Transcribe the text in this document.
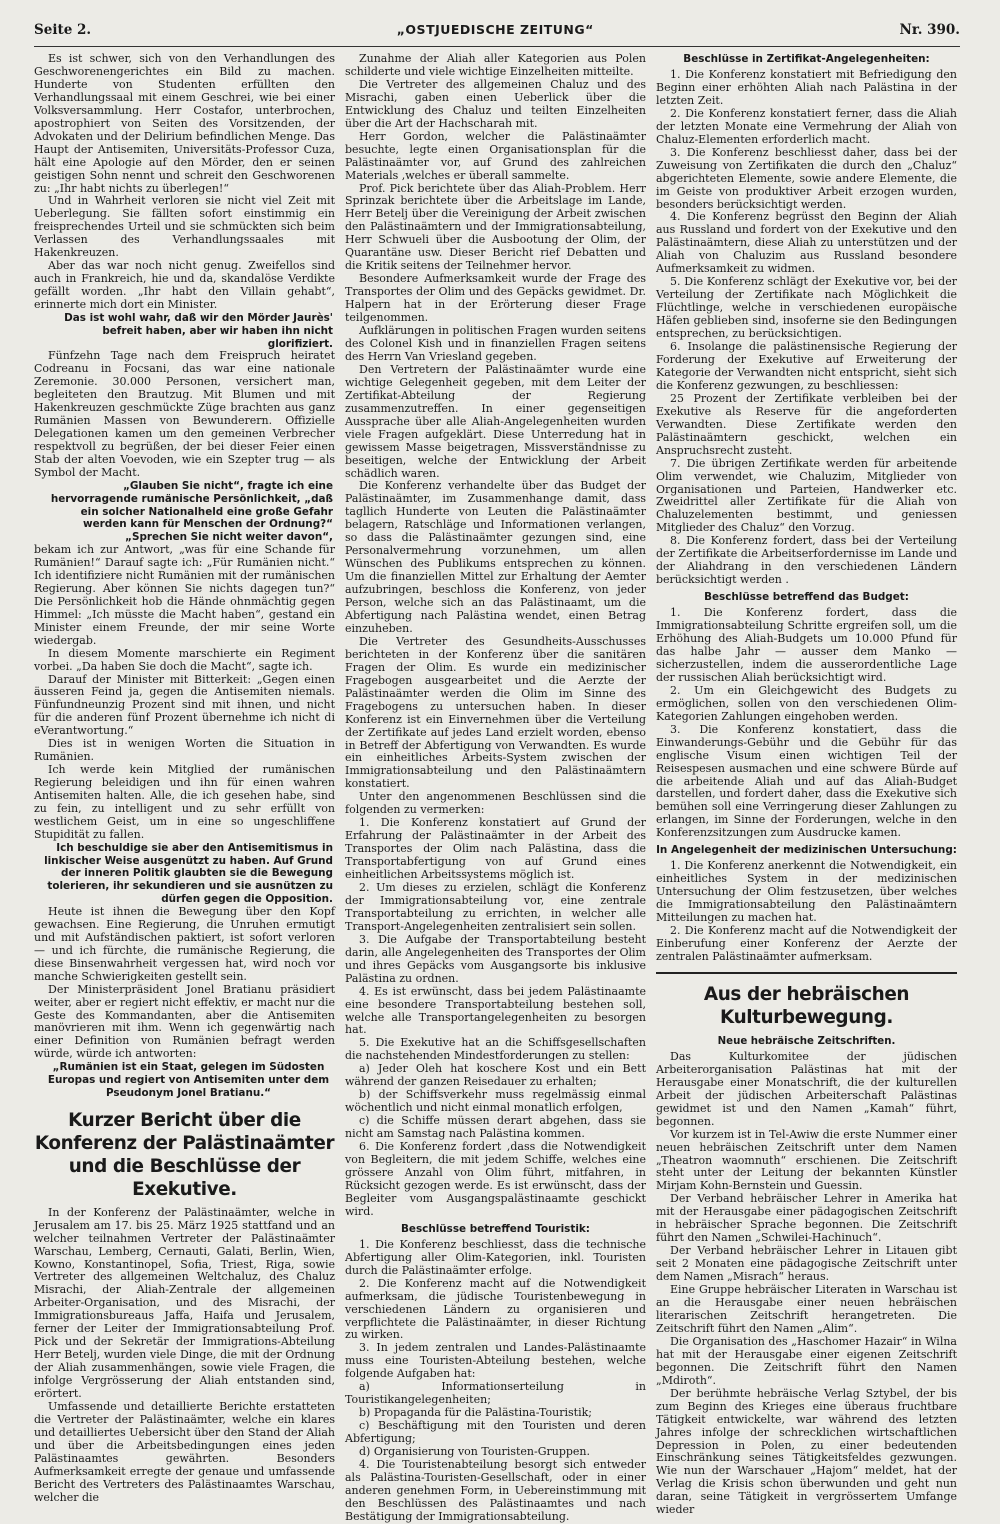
Seite 2.	„OSTJUEDISCHE ZEITUNG“	Nr. 390.

Es ist schwer, sich von den Verhandlungen des Geschworenengerichtes ein Bild zu machen. Hunderte von Studenten erfüllten den Verhandlungssaal mit einem Geschrei, wie bei einer Volksversammlung. Herr Costafor, unterbrochen, apostrophiert von Seiten des Vorsitzenden, der Advokaten und der Delirium befindlichen Menge. Das Haupt der Antisemiten, Universitäts-Professor Cuza, hält eine Apologie auf den Mörder, den er seinen geistigen Sohn nennt und schreit den Geschworenen zu: „Ihr habt nichts zu überlegen!“

Und in Wahrheit verloren sie nicht viel Zeit mit Ueberlegung. Sie fällten sofort einstimmig ein freisprechendes Urteil und sie schmückten sich beim Verlassen des Verhandlungssaales mit Hakenkreuzen.

Aber das war noch nicht genug. Zweifellos sind auch in Frankreich, hie und da, skandalöse Verdikte gefällt worden. „Ihr habt den Villain gehabt“, erinnerte mich dort ein Minister.

Das ist wohl wahr, daß wir den Mörder Jaurès' befreit haben, aber wir haben ihn nicht glorifiziert.

Fünfzehn Tage nach dem Freispruch heiratet Codreanu in Focsani, das war eine nationale Zeremonie. 30.000 Personen, versichert man, begleiteten den Brautzug. Mit Blumen und mit Hakenkreuzen geschmückte Züge brachten aus ganz Rumänien Massen von Bewunderern. Offizielle Delegationen kamen um den gemeinen Verbrecher respektvoll zu begrüßen, der bei dieser Feier einen Stab der alten Voevoden, wie ein Szepter trug — als Symbol der Macht.

„Glauben Sie nicht“, fragte ich eine hervorragende rumänische Persönlichkeit, „daß ein solcher Nationalheld eine große Gefahr werden kann für Menschen der Ordnung?“ „Sprechen Sie nicht weiter davon“,

bekam ich zur Antwort, „was für eine Schande für Rumänien!“ Darauf sagte ich: „Für Rumänien nicht.“ Ich identifiziere nicht Rumänien mit der rumänischen Regierung. Aber können Sie nichts dagegen tun?“ Die Persönlichkeit hob die Hände ohnmächtig gegen Himmel: „Ich müsste die Macht haben“, gestand ein Minister einem Freunde, der mir seine Worte wiedergab.

In diesem Momente marschierte ein Regiment vorbei. „Da haben Sie doch die Macht“, sagte ich.

Darauf der Minister mit Bitterkeit: „Gegen einen äusseren Feind ja, gegen die Antisemiten niemals. Fünfundneunzig Prozent sind mit ihnen, und nicht für die anderen fünf Prozent übernehme ich nicht di eVerantwortung.“

Dies ist in wenigen Worten die Situation in Rumänien.

Ich werde kein Mitglied der rumänischen Regierung beleidigen und ihn für einen wahren Antisemiten halten. Alle, die ich gesehen habe, sind zu fein, zu intelligent und zu sehr erfüllt von westlichem Geist, um in eine so ungeschliffene Stupidität zu fallen.

Ich beschuldige sie aber den Antisemitismus in linkischer Weise ausgenützt zu haben. Auf Grund der inneren Politik glaubten sie die Bewegung tolerieren, ihr sekundieren und sie ausnützen zu dürfen gegen die Opposition.

Heute ist ihnen die Bewegung über den Kopf gewachsen. Eine Regierung, die Unruhen ermutigt und mit Aufständischen paktiert, ist sofort verloren — und ich fürchte, die rumänische Regierung, die diese Binsenwahrheit vergessen hat, wird noch vor manche Schwierigkeiten gestellt sein.

Der Ministerpräsident Jonel Bratianu präsidiert weiter, aber er regiert nicht effektiv, er macht nur die Geste des Kommandanten, aber die Antisemiten manövrieren mit ihm. Wenn ich gegenwärtig nach einer Definition von Rumänien befragt werden würde, würde ich antworten:

„Rumänien ist ein Staat, gelegen im Südosten Europas und regiert von Antisemiten unter dem Pseudonym Jonel Bratianu.“

Kurzer Bericht über die Konferenz der Palästinaämter und die Beschlüsse der Exekutive.

In der Konferenz der Palästinaämter, welche in Jerusalem am 17. bis 25. März 1925 stattfand und an welcher teilnahmen Vertreter der Palästinaämter Warschau, Lemberg, Cernauti, Galati, Berlin, Wien, Kowno, Konstantinopel, Sofia, Triest, Riga, sowie Vertreter des allgemeinen Weltchaluz, des Chaluz Misrachi, der Aliah-Zentrale der allgemeinen Arbeiter-Organisation, und des Misrachi, der Immigrationsbureaus Jaffa, Haifa und Jerusalem, ferner der Leiter der Immigrationsabteilung Prof. Pick und der Sekretär der Immigrations-Abteilung Herr Betelj, wurden viele Dinge, die mit der Ordnung der Aliah zusammenhängen, sowie viele Fragen, die infolge Vergrösserung der Aliah entstanden sind, erörtert.

Umfassende und detaillierte Berichte erstatteten die Vertreter der Palästinaämter, welche ein klares und detailliertes Uebersicht über den Stand der Aliah und über die Arbeitsbedingungen eines jeden Palästinaamtes gewährten. Besonders Aufmerksamkeit erregte der genaue und umfassende Bericht des Vertreters des Palästinaamtes Warschau, welcher die

Zunahme der Aliah aller Kategorien aus Polen schilderte und viele wichtige Einzelheiten mitteilte.

Die Vertreter des allgemeinen Chaluz und des Misrachi, gaben einen Ueberlick über die Entwicklung des Chaluz und teilten Einzelheiten über die Art der Hachscharah mit.

Herr Gordon, welcher die Palästinaämter besuchte, legte einen Organisationsplan für die Palästinaämter vor, auf Grund des zahlreichen Materials ,welches er überall sammelte.

Prof. Pick berichtete über das Aliah-Problem. Herr Sprinzak berichtete über die Arbeitslage im Lande, Herr Betelj über die Vereinigung der Arbeit zwischen den Palästinaämtern und der Immigrationsabteilung, Herr Schwueli über die Ausbootung der Olim, der Quarantäne usw. Dieser Bericht rief Debatten und die Kritik seitens der Teilnehmer hervor.

Besondere Aufmerksamkeit wurde der Frage des Transportes der Olim und des Gepäcks gewidmet. Dr. Halpern hat in der Erörterung dieser Frage teilgenommen.

Aufklärungen in politischen Fragen wurden seitens des Colonel Kish und in finanziellen Fragen seitens des Herrn Van Vriesland gegeben.

Den Vertretern der Palästinaämter wurde eine wichtige Gelegenheit gegeben, mit dem Leiter der Zertifikat-Abteilung der Regierung zusammenzutreffen. In einer gegenseitigen Aussprache über alle Aliah-Angelegenheiten wurden viele Fragen aufgeklärt. Diese Unterredung hat in gewissem Masse beigetragen, Missverständnisse zu beseitigen, welche der Entwicklung der Arbeit schädlich waren.

Die Konferenz verhandelte über das Budget der Palästinaämter, im Zusammenhange damit, dass tagllich Hunderte von Leuten die Palästinaämter belagern, Ratschläge und Informationen verlangen, so dass die Palästinaämter gezungen sind, eine Personalvermehrung vorzunehmen, um allen Wünschen des Publikums entsprechen zu können. Um die finanziellen Mittel zur Erhaltung der Aemter aufzubringen, beschloss die Konferenz, von jeder Person, welche sich an das Palästinaamt, um die Abfertigung nach Palästina wendet, einen Betrag einzuheben.

Die Vertreter des Gesundheits-Ausschusses berichteten in der Konferenz über die sanitären Fragen der Olim. Es wurde ein medizinischer Fragebogen ausgearbeitet und die Aerzte der Palästinaämter werden die Olim im Sinne des Fragebogens zu untersuchen haben. In dieser Konferenz ist ein Einvernehmen über die Verteilung der Zertifikate auf jedes Land erzielt worden, ebenso in Betreff der Abfertigung von Verwandten. Es wurde ein einheitliches Arbeits-System zwischen der Immigrationsabteilung und den Palästinaämtern konstatiert.

Unter den angenommenen Beschlüssen sind die folgenden zu vermerken:

1. Die Konferenz konstatiert auf Grund der Erfahrung der Palästinaämter in der Arbeit des Transportes der Olim nach Palästina, dass die Transportabfertigung von auf Grund eines einheitlichen Arbeitssystems möglich ist.

2. Um dieses zu erzielen, schlägt die Konferenz der Immigrationsabteilung vor, eine zentrale Transportabteilung zu errichten, in welcher alle Transport-Angelegenheiten zentralisiert sein sollen.

3. Die Aufgabe der Transportabteilung besteht darin, alle Angelegenheiten des Transportes der Olim und ihres Gepäcks vom Ausgangsorte bis inklusive Palästina zu ordnen.

4. Es ist erwünscht, dass bei jedem Palästinaamte eine besondere Transportabteilung bestehen soll, welche alle Transportangelegenheiten zu besorgen hat.

5. Die Exekutive hat an die Schiffsgesellschaften die nachstehenden Mindestforderungen zu stellen:

a) Jeder Oleh hat koschere Kost und ein Bett während der ganzen Reisedauer zu erhalten;

b) der Schiffsverkehr muss regelmässig einmal wöchentlich und nicht einmal monatlich erfolgen,

c) die Schiffe müssen derart abgehen, dass sie nicht am Samstag nach Palästina kommen.

6. Die Konferenz fordert ,dass die Notwendigkeit von Begleitern, die mit jedem Schiffe, welches eine grössere Anzahl von Olim führt, mitfahren, in Rücksicht gezogen werde. Es ist erwünscht, dass der Begleiter vom Ausgangspalästinaamte geschickt wird.

Beschlüsse betreffend Touristik:

1. Die Konferenz beschliesst, dass die technische Abfertigung aller Olim-Kategorien, inkl. Touristen durch die Palästinaämter erfolge.

2. Die Konferenz macht auf die Notwendigkeit aufmerksam, die jüdische Touristenbewegung in verschiedenen Ländern zu organisieren und verpflichtete die Palästinaämter, in dieser Richtung zu wirken.

3. In jedem zentralen und Landes-Palästinaamte muss eine Touristen-Abteilung bestehen, welche folgende Aufgaben hat:

a) Informationserteilung in Touristikangelegenheiten;

b) Propaganda für die Palästina-Touristik;

c) Beschäftigung mit den Touristen und deren Abfertigung;

d) Organisierung von Touristen-Gruppen.

4. Die Touristenabteilung besorgt sich entweder als Palästina-Touristen-Gesellschaft, oder in einer anderen genehmen Form, in Uebereinstimmung mit den Beschlüssen des Palästinaamtes und nach Bestätigung der Immigrationsabteilung.

Beschlüsse in Zertifikat-Angelegenheiten:

1. Die Konferenz konstatiert mit Befriedigung den Beginn einer erhöhten Aliah nach Palästina in der letzten Zeit.

2. Die Konferenz konstatiert ferner, dass die Aliah der letzten Monate eine Vermehrung der Aliah von Chaluz-Elementen erforderlich macht.

3. Die Konferenz beschliesst daher, dass bei der Zuweisung von Zertifikaten die durch den „Chaluz“ abgerichteten Elemente, sowie andere Elemente, die im Geiste von produktiver Arbeit erzogen wurden, besonders berücksichtigt werden.

4. Die Konferenz begrüsst den Beginn der Aliah aus Russland und fordert von der Exekutive und den Palästinaämtern, diese Aliah zu unterstützen und der Aliah von Chaluzim aus Russland besondere Aufmerksamkeit zu widmen.

5. Die Konferenz schlägt der Exekutive vor, bei der Verteilung der Zertifikate nach Möglichkeit die Flüchtlinge, welche in verschiedenen europäische Häfen geblieben sind, insoferne sie den Bedingungen entsprechen, zu berücksichtigen.

6. Insolange die palästinensische Regierung der Forderung der Exekutive auf Erweiterung der Kategorie der Verwandten nicht entspricht, sieht sich die Konferenz gezwungen, zu beschliessen:

25 Prozent der Zertifikate verbleiben bei der Exekutive als Reserve für die angeforderten Verwandten. Diese Zertifikate werden den Palästinaämtern geschickt, welchen ein Anspruchsrecht zusteht.

7. Die übrigen Zertifikate werden für arbeitende Olim verwendet, wie Chaluzim, Mitglieder von Organisationen und Parteien, Handwerker etc. Zweidrittel aller Zertifikate für die Aliah von Chaluzelementen bestimmt, und geniessen Mitglieder des Chaluz“ den Vorzug.

8. Die Konferenz fordert, dass bei der Verteilung der Zertifikate die Arbeitserfordernisse im Lande und der Aliahdrang in den verschiedenen Ländern berücksichtigt werden .

Beschlüsse betreffend das Budget:

1. Die Konferenz fordert, dass die Immigrationsabteilung Schritte ergreifen soll, um die Erhöhung des Aliah-Budgets um 10.000 Pfund für das halbe Jahr — ausser dem Manko — sicherzustellen, indem die ausserordentliche Lage der russischen Aliah berücksichtigt wird.

2. Um ein Gleichgewicht des Budgets zu ermöglichen, sollen von den verschiedenen Olim-Kategorien Zahlungen eingehoben werden.

3. Die Konferenz konstatiert, dass die Einwanderungs-Gebühr und die Gebühr für das englische Visum einen wichtigen Teil der Reisespesen ausmachen und eine schwere Bürde auf die arbeitende Aliah und auf das Aliah-Budget darstellen, und fordert daher, dass die Exekutive sich bemühen soll eine Verringerung dieser Zahlungen zu erlangen, im Sinne der Forderungen, welche in den Konferenzsitzungen zum Ausdrucke kamen.

In Angelegenheit der medizinischen Untersuchung:

1. Die Konferenz anerkennt die Notwendigkeit, ein einheitliches System in der medizinischen Untersuchung der Olim festzusetzen, über welches die Immigrationsabteilung den Palästinaämtern Mitteilungen zu machen hat.

2. Die Konferenz macht auf die Notwendigkeit der Einberufung einer Konferenz der Aerzte der zentralen Palästinaämter aufmerksam.

Aus der hebräischen Kulturbewegung.
Neue hebräische Zeitschriften.

Das Kulturkomitee der jüdischen Arbeiterorganisation Palästinas hat mit der Herausgabe einer Monatschrift, die der kulturellen Arbeit der jüdischen Arbeiterschaft Palästinas gewidmet ist und den Namen „Kamah“ führt, begonnen.

Vor kurzem ist in Tel-Awiw die erste Nummer einer neuen hebräischen Zeitschrift unter dem Namen „Theatron waomnuth“ erschienen. Die Zeitschrift steht unter der Leitung der bekannten Künstler Mirjam Kohn-Bernstein und Guessin.

Der Verband hebräischer Lehrer in Amerika hat mit der Herausgabe einer pädagogischen Zeitschrift in hebräischer Sprache begonnen. Die Zeitschrift führt den Namen „Schwilei-Hachinuch“.

Der Verband hebräischer Lehrer in Litauen gibt seit 2 Monaten eine pädagogische Zeitschrift unter dem Namen „Misrach“ heraus.

Eine Gruppe hebräischer Literaten in Warschau ist an die Herausgabe einer neuen hebräischen literarischen Zeitschrift herangetreten. Die Zeitschrift führt den Namen „Alim“.

Die Organisation des „Haschomer Hazair“ in Wilna hat mit der Herausgabe einer eigenen Zeitschrift begonnen. Die Zeitschrift führt den Namen „Mdiroth“.

Der berühmte hebräische Verlag Sztybel, der bis zum Beginn des Krieges eine überaus fruchtbare Tätigkeit entwickelte, war während des letzten Jahres infolge der schrecklichen wirtschaftlichen Depression in Polen, zu einer bedeutenden Einschränkung seines Tätigkeitsfeldes gezwungen. Wie nun der Warschauer „Hajom“ meldet, hat der Verlag die Krisis schon überwunden und geht nun daran, seine Tätigkeit in vergrössertem Umfange wieder
